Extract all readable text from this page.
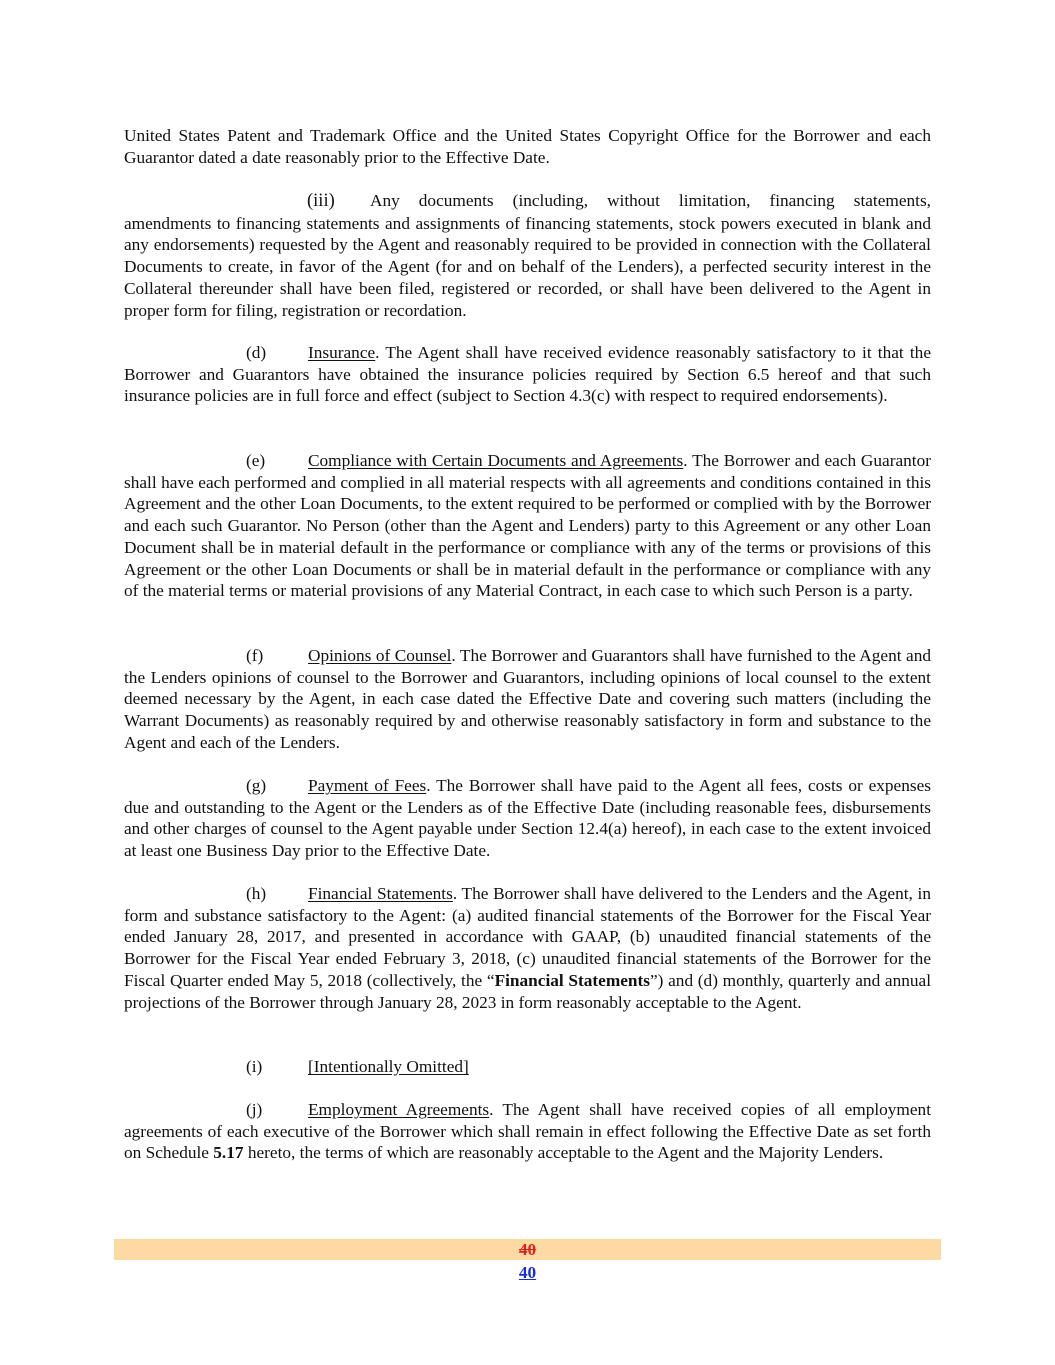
United States Patent and Trademark Office and the United States Copyright Office for the Borrower and each Guarantor dated a date reasonably prior to the Effective Date.

(iii) Any documents (including, without limitation, financing statements, amendments to financing statements and assignments of financing statements, stock powers executed in blank and any endorsements) requested by the Agent and reasonably required to be provided in connection with the Collateral Documents to create, in favor of the Agent (for and on behalf of the Lenders), a perfected security interest in the Collateral thereunder shall have been filed, registered or recorded, or shall have been delivered to the Agent in proper form for filing, registration or recordation.

(d) Insurance. The Agent shall have received evidence reasonably satisfactory to it that the Borrower and Guarantors have obtained the insurance policies required by Section 6.5 hereof and that such insurance policies are in full force and effect (subject to Section 4.3(c) with respect to required endorsements).

(e) Compliance with Certain Documents and Agreements. The Borrower and each Guarantor shall have each performed and complied in all material respects with all agreements and conditions contained in this Agreement and the other Loan Documents, to the extent required to be performed or complied with by the Borrower and each such Guarantor. No Person (other than the Agent and Lenders) party to this Agreement or any other Loan Document shall be in material default in the performance or compliance with any of the terms or provisions of this Agreement or the other Loan Documents or shall be in material default in the performance or compliance with any of the material terms or material provisions of any Material Contract, in each case to which such Person is a party.

(f)	Opinions of Counsel. The Borrower and Guarantors shall have furnished to the Agent and the Lenders opinions of counsel to the Borrower and Guarantors, including opinions of local counsel to the extent deemed necessary by the Agent, in each case dated the Effective Date and covering such matters (including the Warrant Documents) as reasonably required by and otherwise reasonably satisfactory in form and substance to the Agent and each of the Lenders.

(g) Payment of Fees. The Borrower shall have paid to the Agent all fees, costs or expenses due and outstanding to the Agent or the Lenders as of the Effective Date (including reasonable fees, disbursements and other charges of counsel to the Agent payable under Section 12.4(a) hereof), in each case to the extent invoiced at least one Business Day prior to the Effective Date.

(h) Financial Statements. The Borrower shall have delivered to the Lenders and the Agent, in form and substance satisfactory to the Agent: (a) audited financial statements of the Borrower for the Fiscal Year ended January 28, 2017, and presented in accordance with GAAP, (b) unaudited financial statements of the Borrower for the Fiscal Year ended February 3, 2018, (c) unaudited financial statements of the Borrower for the Fiscal Quarter ended May 5, 2018 (collectively, the “Financial Statements”) and (d) monthly, quarterly and annual projections of the Borrower through January 28, 2023 in form reasonably acceptable to the Agent.

(i)	[Intentionally Omitted]

(j)	Employment Agreements. The Agent shall have received copies of all employment agreements of each executive of the Borrower which shall remain in effect following the Effective Date as set forth on Schedule 5.17 hereto, the terms of which are reasonably acceptable to the Agent and the Majority Lenders.

40
40
